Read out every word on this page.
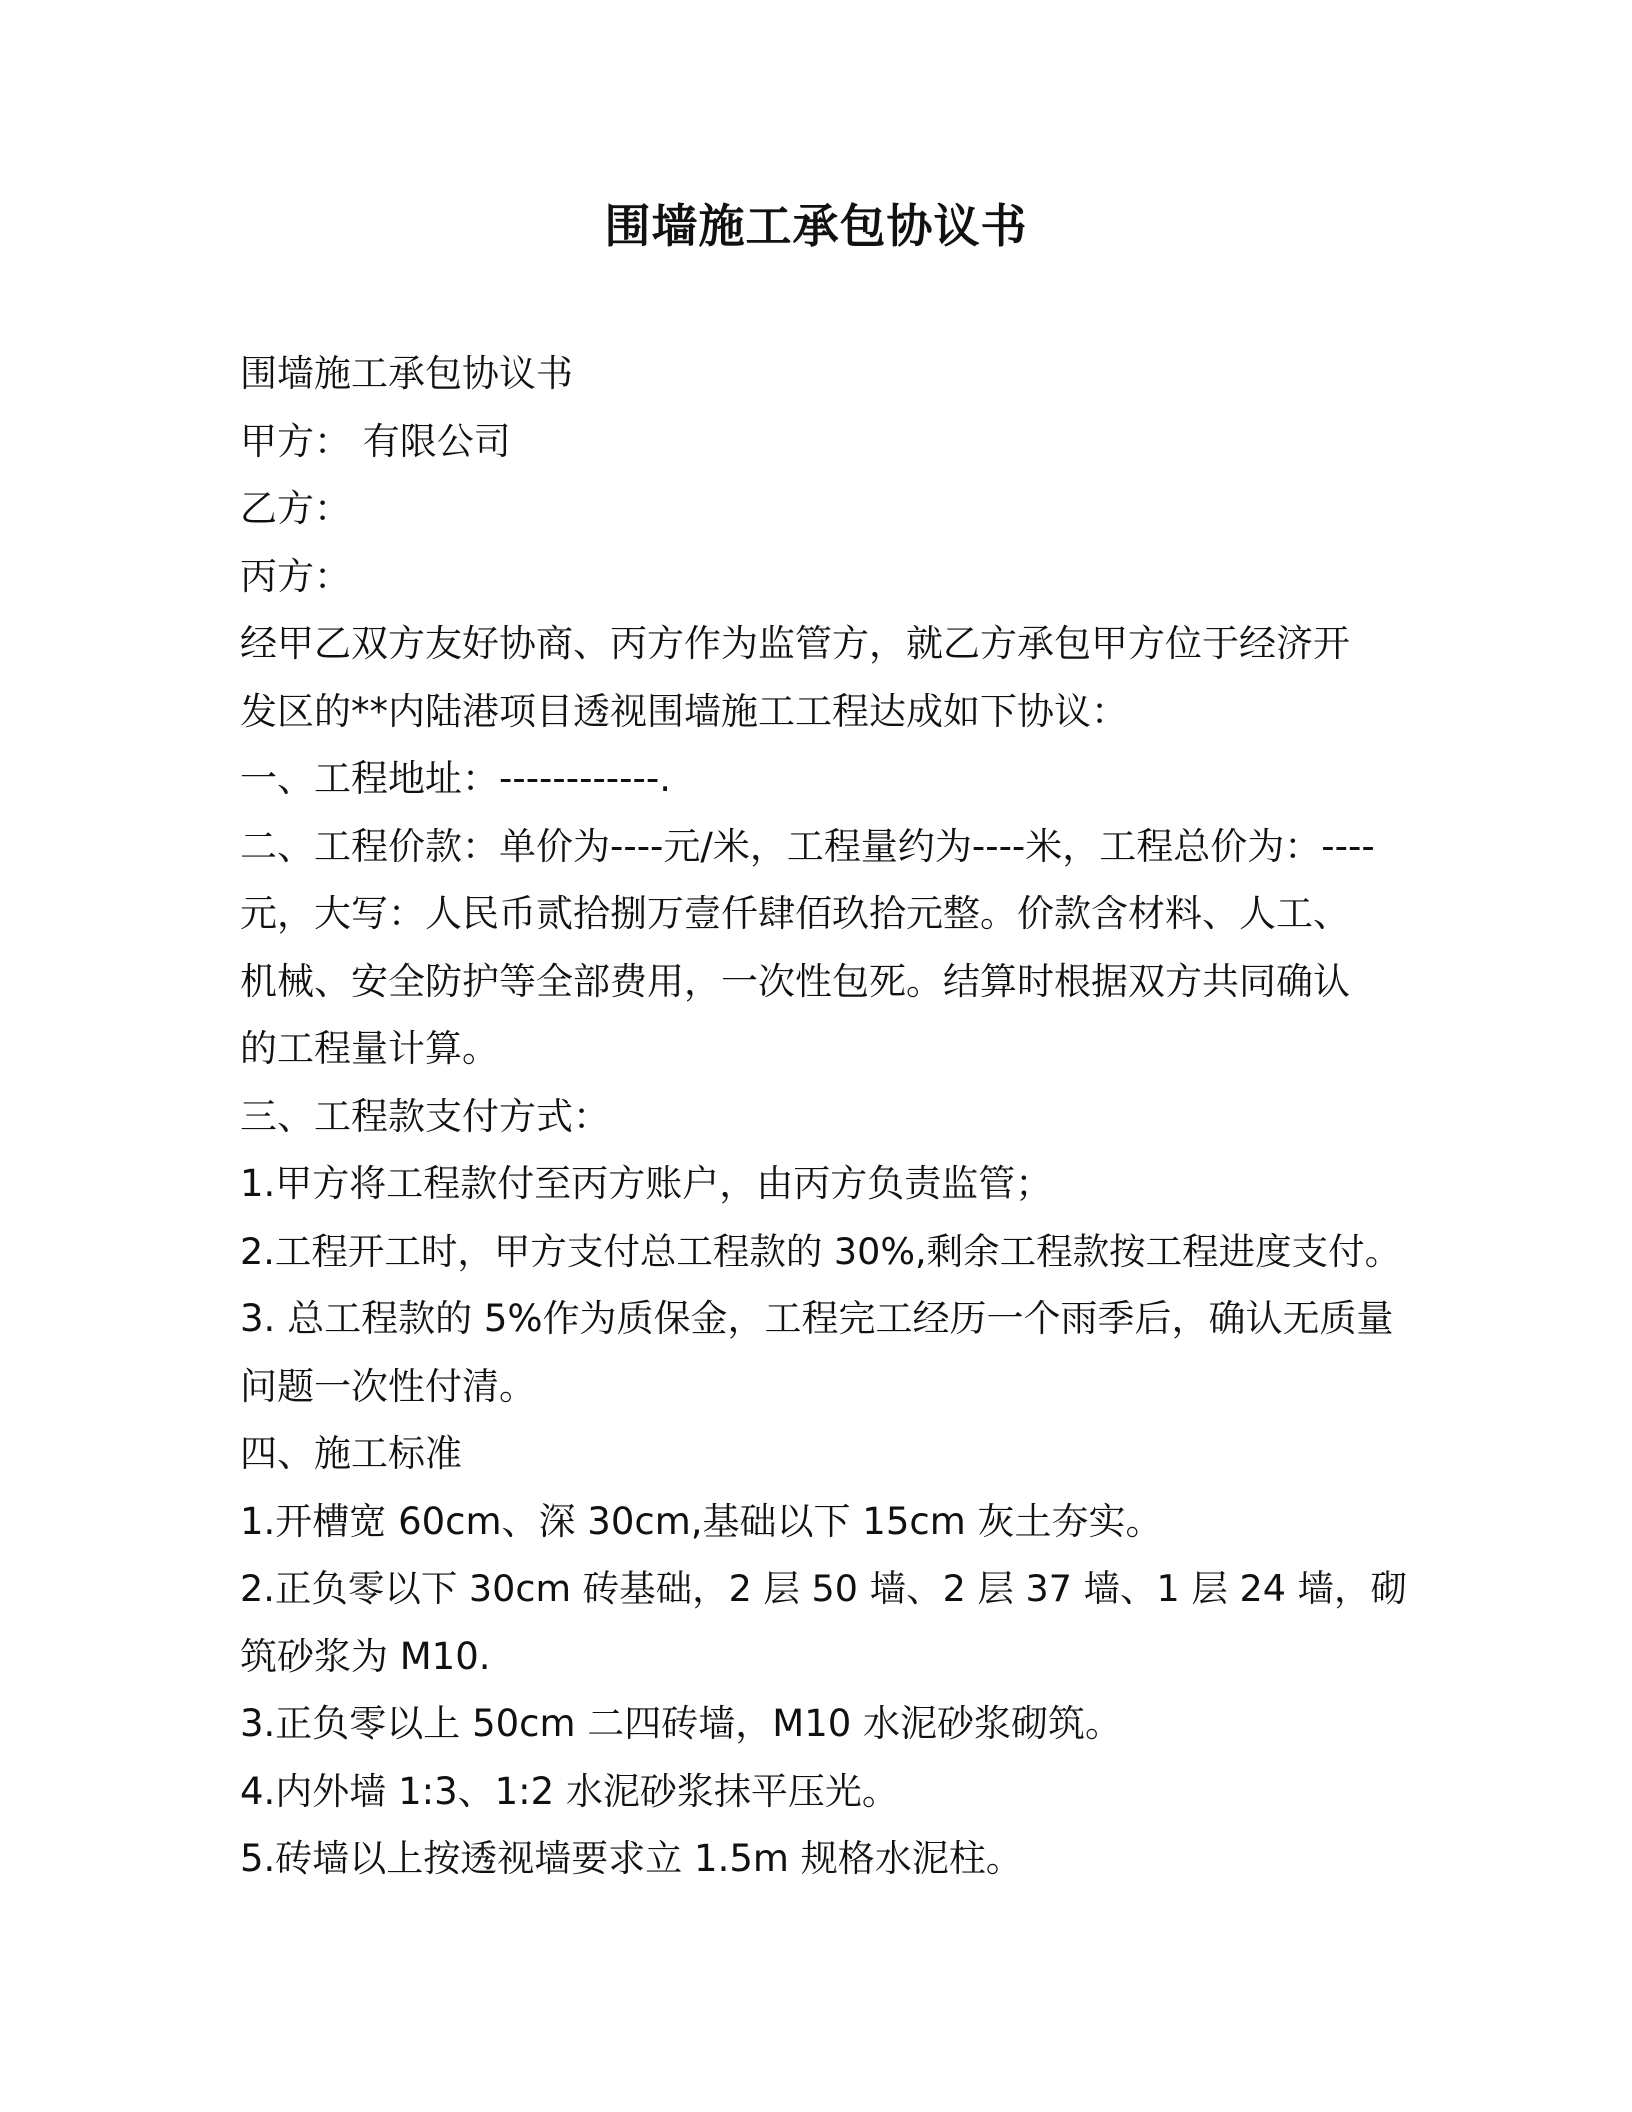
围墙施工承包协议书
围墙施工承包协议书
甲方： 有限公司
乙方：
丙方：
经甲乙双方友好协商、丙方作为监管方，就乙方承包甲方位于经济开
发区的**内陆港项目透视围墙施工工程达成如下协议：
一、工程地址：------------.
二、工程价款：单价为----元/米，工程量约为----米，工程总价为：----
元，大写：人民币贰拾捌万壹仟肆佰玖拾元整。价款含材料、人工、
机械、安全防护等全部费用，一次性包死。结算时根据双方共同确认
的工程量计算。
三、工程款支付方式：
1.甲方将工程款付至丙方账户，由丙方负责监管；
2.工程开工时，甲方支付总工程款的 30%,剩余工程款按工程进度支付。
3. 总工程款的 5%作为质保金，工程完工经历一个雨季后，确认无质量
问题一次性付清。
四、施工标准
1.开槽宽 60cm、深 30cm,基础以下 15cm 灰土夯实。
2.正负零以下 30cm 砖基础，2 层 50 墙、2 层 37 墙、1 层 24 墙，砌
筑砂浆为 M10.
3.正负零以上 50cm 二四砖墙，M10 水泥砂浆砌筑。
4.内外墙 1:3、1:2 水泥砂浆抹平压光。
5.砖墙以上按透视墙要求立 1.5m 规格水泥柱。
